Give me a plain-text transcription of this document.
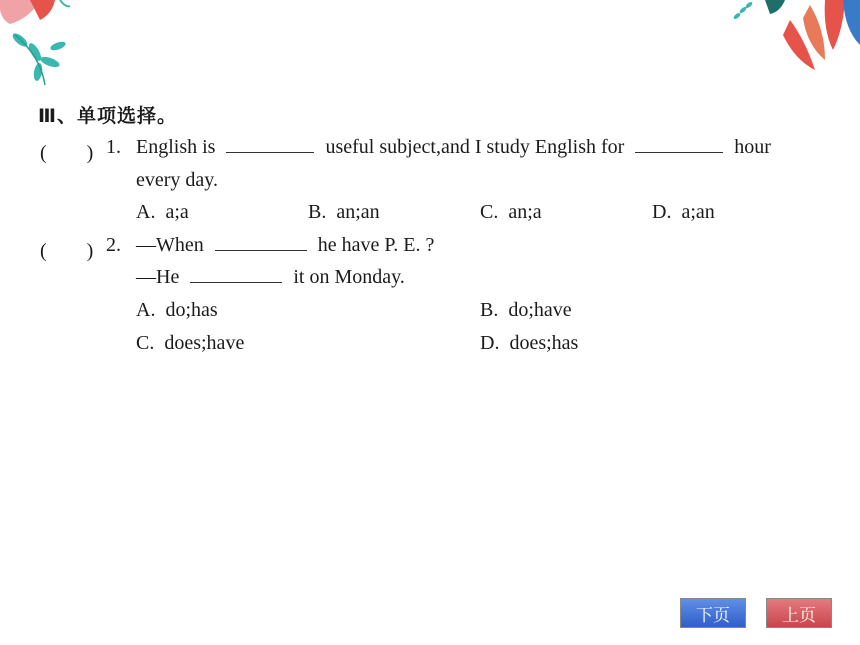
Ⅲ、单项选择。
(　　) 1. English is	useful subject,and I study English for	hour
every day.
A. a;a	B. an;an	C. an;a	D. a;an
(　　) 2. —When	he have P. E. ?
—He	it on Monday.
A. do;has	B. do;have
C. does;have	D. does;has
下页	上页
